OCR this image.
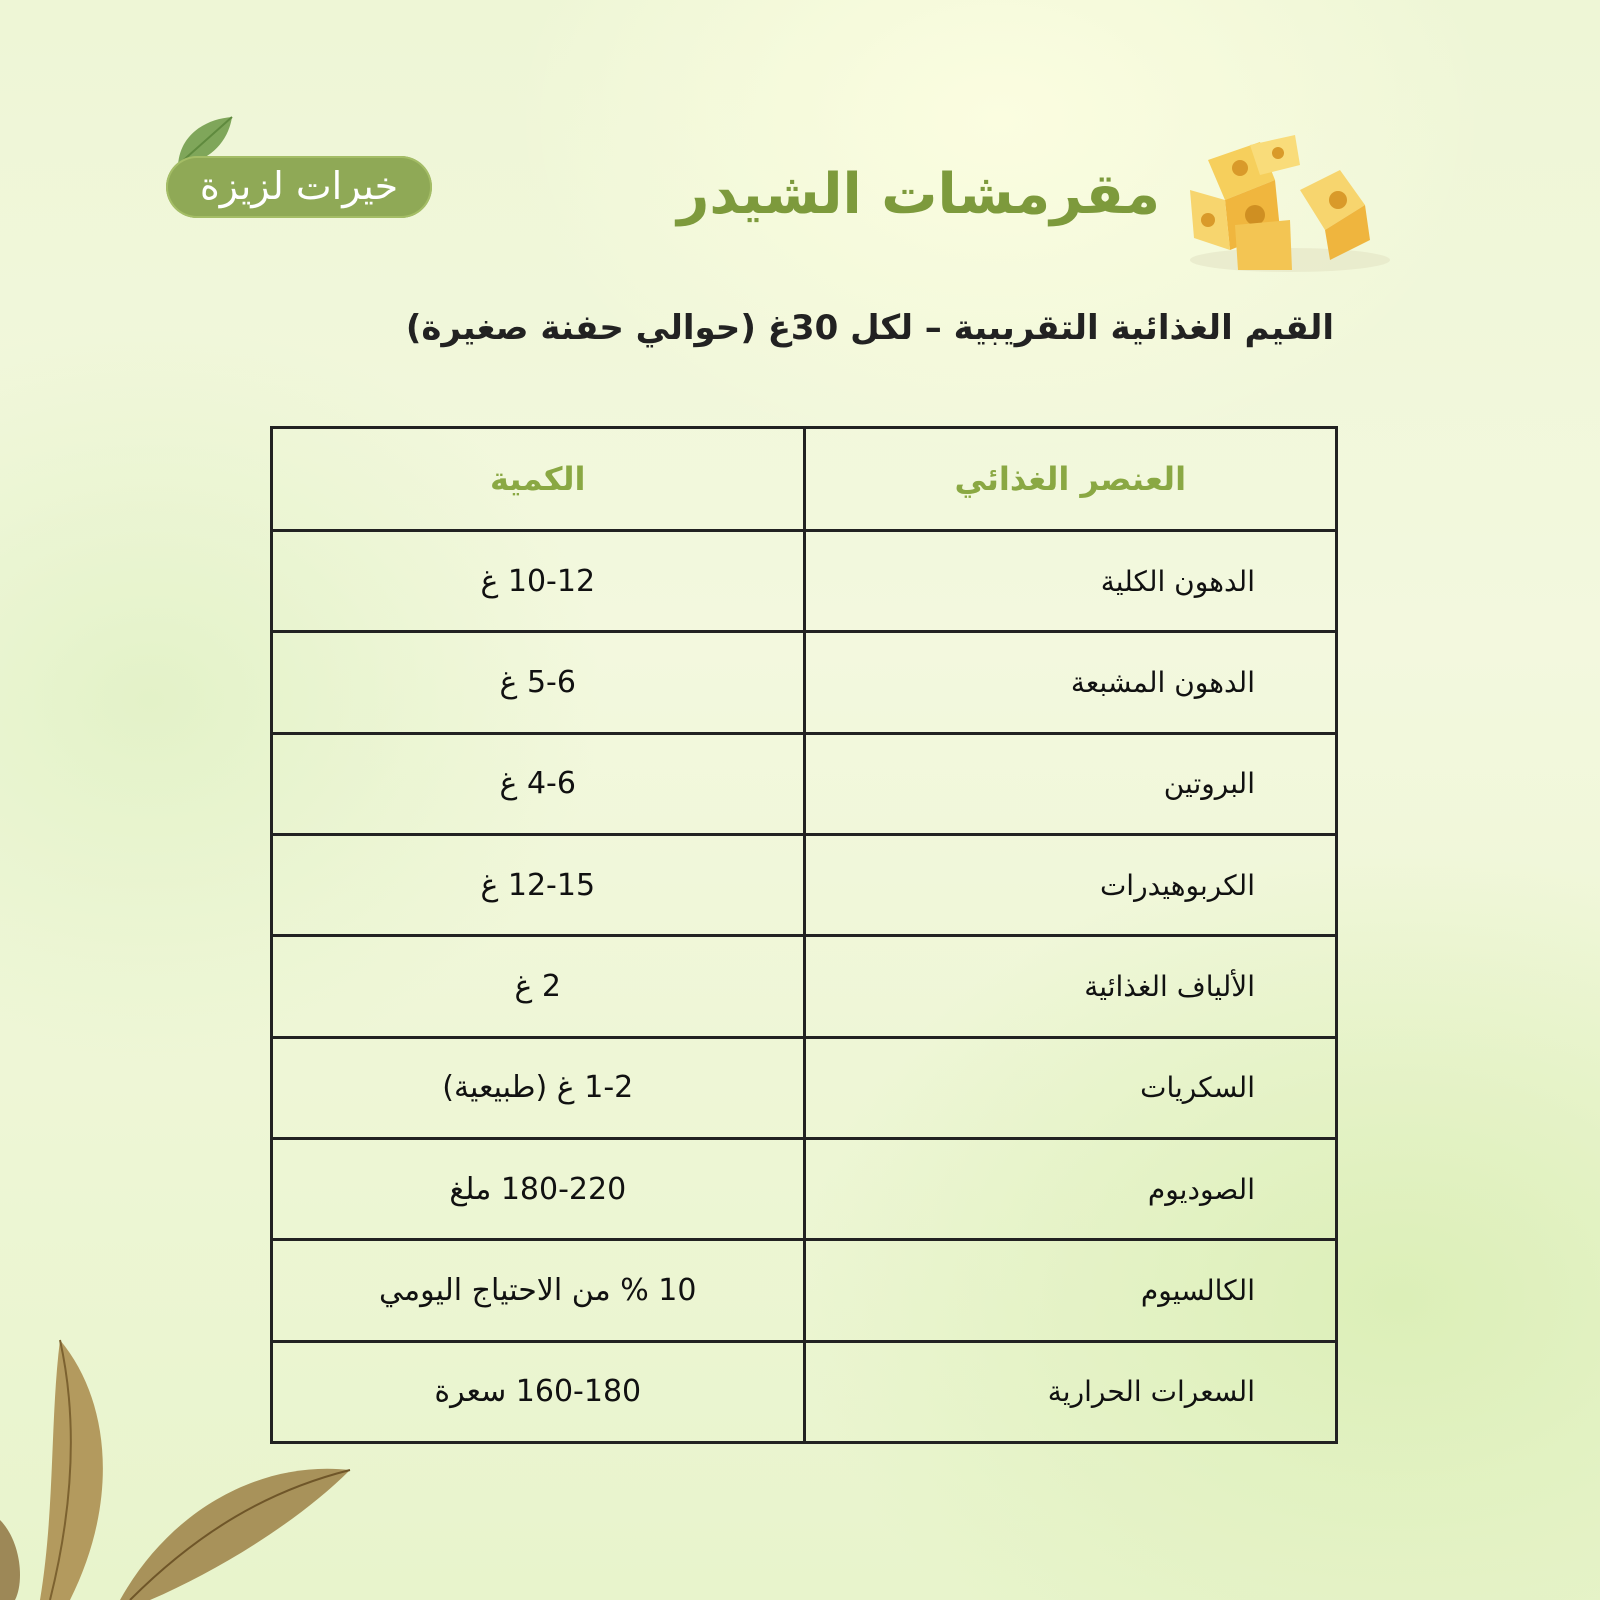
خيرات لزيزة	مقرمشات الشيدر
القيم الغذائية التقريبية – لكل 30غ (حوالي حفنة صغيرة)
العنصر الغذائي	الكمية
الدهون الكلية	10-12 غ
الدهون المشبعة	5-6 غ
البروتين	4-6 غ
الكربوهيدرات	12-15 غ
الألياف الغذائية	2 غ
السكريات	1-2 غ (طبيعية)
الصوديوم	180-220 ملغ
الكالسيوم	10 % من الاحتياج اليومي
السعرات الحرارية	160-180 سعرة
